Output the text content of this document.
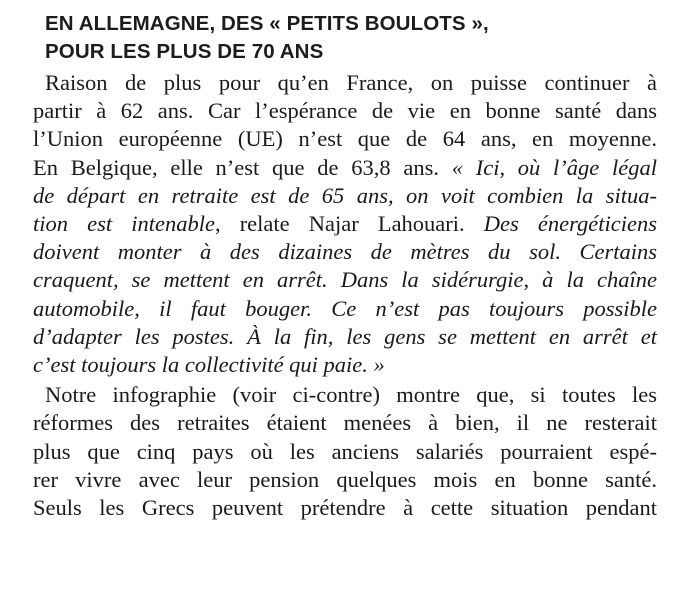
EN ALLEMAGNE, DES « PETITS BOULOTS »,
POUR LES PLUS DE 70 ANS
Raison de plus pour qu’en France, on puisse continuer à
partir à 62 ans. Car l’espérance de vie en bonne santé dans
l’Union européenne (UE) n’est que de 64 ans, en moyenne.
En Belgique, elle n’est que de 63,8 ans. « Ici, où l’âge légal
de départ en retraite est de 65 ans, on voit combien la situa-
tion est intenable, relate Najar Lahouari. Des énergéticiens
doivent monter à des dizaines de mètres du sol. Certains
craquent, se mettent en arrêt. Dans la sidérurgie, à la chaîne
automobile, il faut bouger. Ce n’est pas toujours possible
d’adapter les postes. À la fin, les gens se mettent en arrêt et
c’est toujours la collectivité qui paie. »
Notre infographie (voir ci-contre) montre que, si toutes les
réformes des retraites étaient menées à bien, il ne resterait
plus que cinq pays où les anciens salariés pourraient espé-
rer vivre avec leur pension quelques mois en bonne santé.
Seuls les Grecs peuvent prétendre à cette situation pendant
